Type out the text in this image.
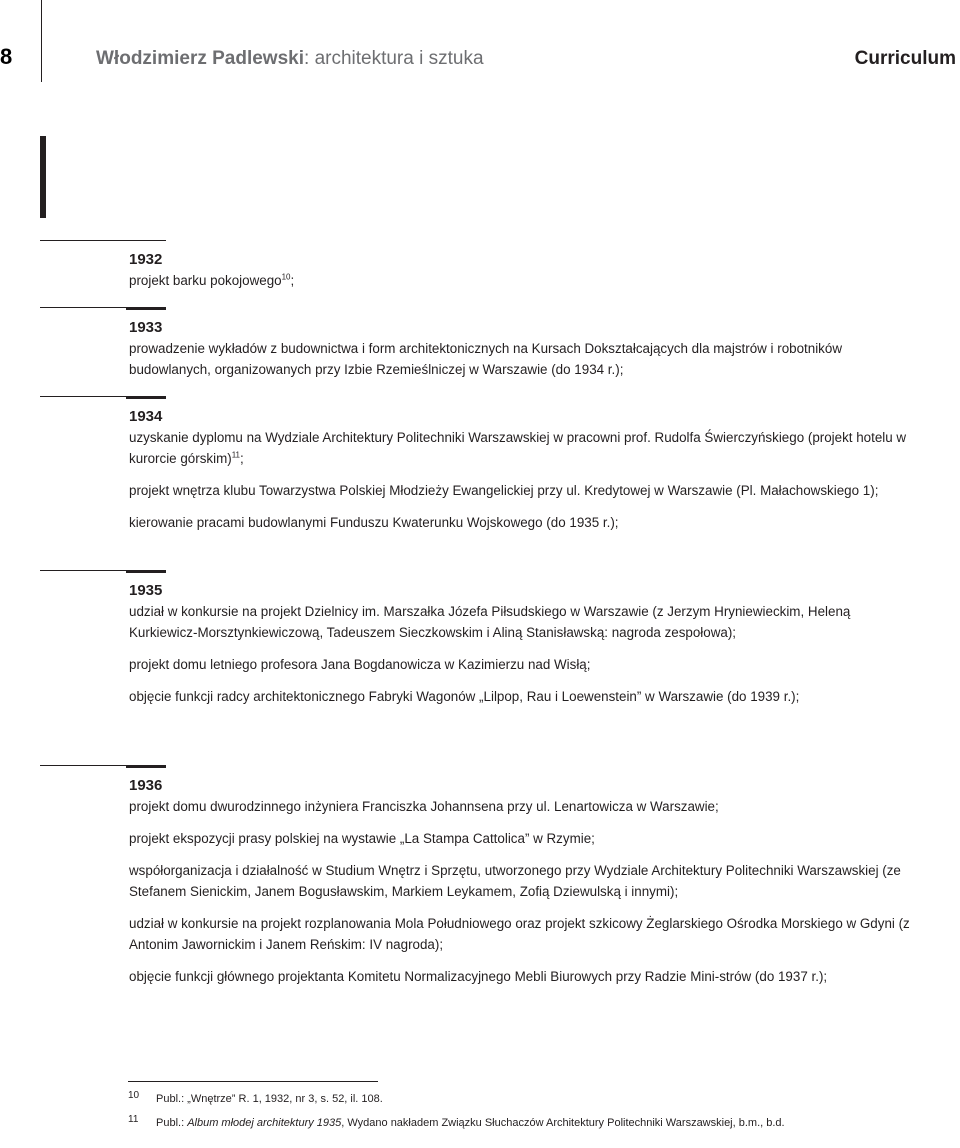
8	Włodzimierz Padlewski: architektura i sztuka	Curriculum

1932

projekt barku pokojowego$^{10}$;

1933

prowadzenie wykładów z budownictwa i form architektonicznych na Kursach Dokształcających dla majstrów i robotników budowlanych, organizowanych przy Izbie Rzemieślniczej w Warszawie (do 1934 r.);

1934

uzyskanie dyplomu na Wydziale Architektury Politechniki Warszawskiej w pracowni prof. Rudolfa Świerczyńskiego (projekt hotelu w kurorcie górskim)$^{11}$;

projekt wnętrza klubu Towarzystwa Polskiej Młodzieży Ewangelickiej przy ul. Kredytowej w Warszawie (Pl. Małachowskiego 1);

kierowanie pracami budowlanymi Funduszu Kwaterunku Wojskowego (do 1935 r.);

1935

udział w konkursie na projekt Dzielnicy im. Marszałka Józefa Piłsudskiego w Warszawie (z Jerzym Hryniewieckim, Heleną Kurkiewicz-Morsztynkiewiczową, Tadeuszem Sieczkowskim i Aliną Stanisławską: nagroda zespołowa);

projekt domu letniego profesora Jana Bogdanowicza w Kazimierzu nad Wisłą;

objęcie funkcji radcy architektonicznego Fabryki Wagonów „Lilpop, Rau i Loewenstein” w Warszawie (do 1939 r.);

1936

projekt domu dwurodzinnego inżyniera Franciszka Johannsena przy ul. Lenartowicza w Warszawie;

projekt ekspozycji prasy polskiej na wystawie „La Stampa Cattolica” w Rzymie;

współorganizacja i działalność w Studium Wnętrz i Sprzętu, utworzonego przy Wydziale Architektury Politechniki Warszawskiej (ze Stefanem Sienickim, Janem Bogusławskim, Markiem Leykamem, Zofią Dziewulską i innymi);

udział w konkursie na projekt rozplanowania Mola Południowego oraz projekt szkicowy Żeglarskiego Ośrodka Morskiego w Gdyni (z Antonim Jawornickim i Janem Reńskim: IV nagroda);

objęcie funkcji głównego projektanta Komitetu Normalizacyjnego Mebli Biurowych przy Radzie Mini-strów (do 1937 r.);

10 Publ.: „Wnętrze” R. 1, 1932, nr 3, s. 52, il. 108.
11 Publ.: Album młodej architektury 1935, Wydano nakładem Związku Słuchaczów Architektury Politechniki Warszawskiej, b.m., b.d.
